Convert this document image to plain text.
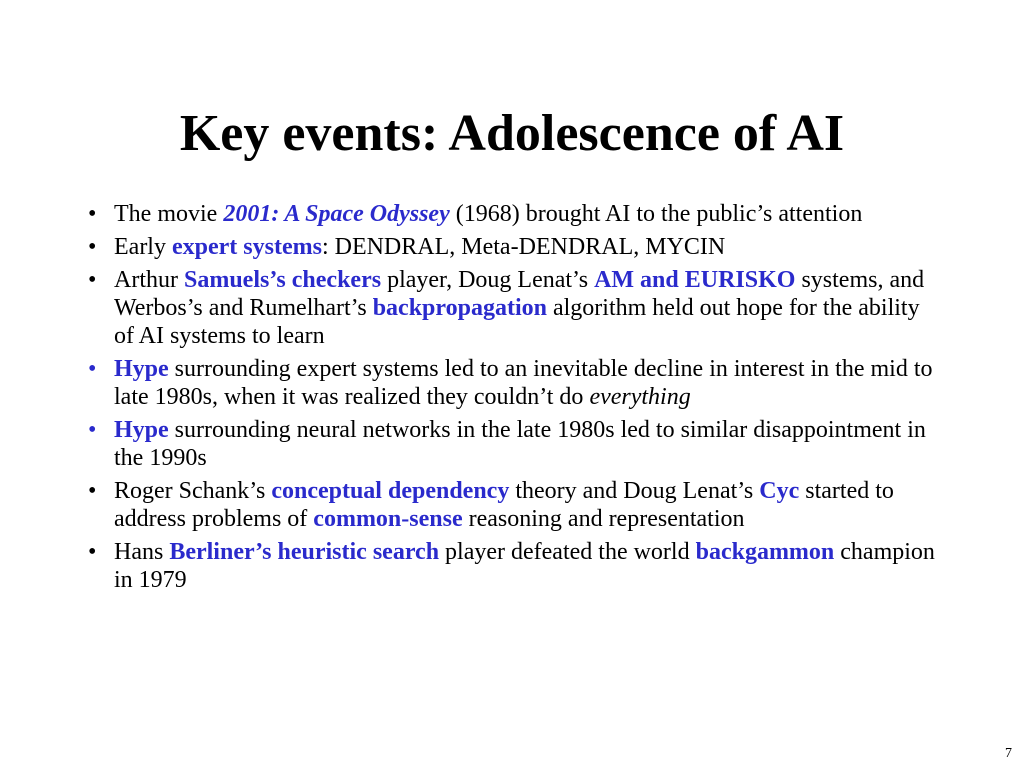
Key events: Adolescence of AI
• The movie 2001: A Space Odyssey (1968) brought AI to the public’s attention
• Early expert systems: DENDRAL, Meta-DENDRAL, MYCIN
• Arthur Samuels’s checkers player, Doug Lenat’s AM and EURISKO systems, and Werbos’s and Rumelhart’s backpropagation algorithm held out hope for the ability of AI systems to learn
• Hype surrounding expert systems led to an inevitable decline in interest in the mid to late 1980s, when it was realized they couldn’t do everything
• Hype surrounding neural networks in the late 1980s led to similar disappointment in the 1990s
• Roger Schank’s conceptual dependency theory and Doug Lenat’s Cyc started to address problems of common-sense reasoning and representation
• Hans Berliner’s heuristic search player defeated the world backgammon champion in 1979
7
